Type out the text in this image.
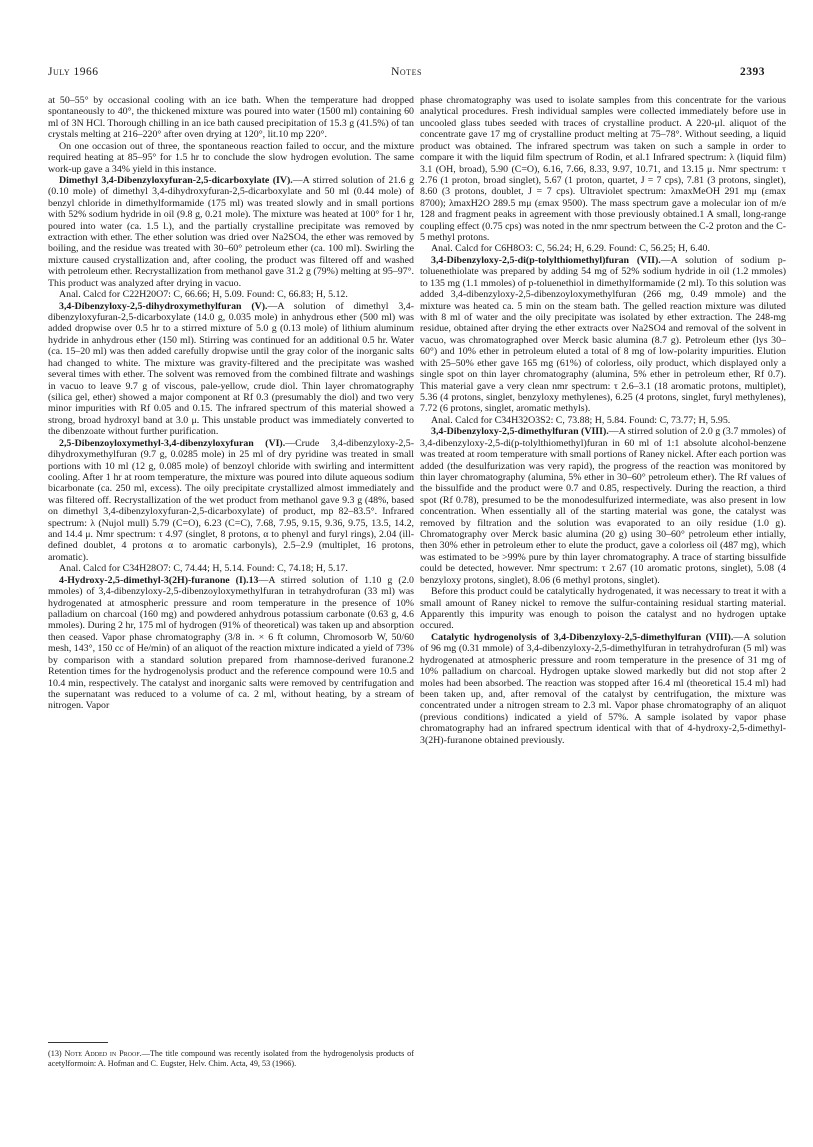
July 1966	Notes	2393

at 50–55° by occasional cooling with an ice bath. When the temperature had dropped spontaneously to 40°, the thickened mixture was poured into water (1500 ml) containing 60 ml of 3N HCl. Thorough chilling in an ice bath caused precipitation of 15.3 g (41.5%) of tan crystals melting at 216–220° after oven drying at 120°, lit.10 mp 220°.

On one occasion out of three, the spontaneous reaction failed to occur, and the mixture required heating at 85–95° for 1.5 hr to conclude the slow hydrogen evolution. The same work-up gave a 34% yield in this instance.

Dimethyl 3,4-Dibenzyloxyfuran-2,5-dicarboxylate (IV).—A stirred solution of 21.6 g (0.10 mole) of dimethyl 3,4-dihydroxyfuran-2,5-dicarboxylate and 50 ml (0.44 mole) of benzyl chloride in dimethylformamide (175 ml) was treated slowly and in small portions with 52% sodium hydride in oil (9.8 g, 0.21 mole). The mixture was heated at 100° for 1 hr, poured into water (ca. 1.5 l.), and the partially crystalline precipitate was removed by extraction with ether. The ether solution was dried over Na2SO4, the ether was removed by boiling, and the residue was treated with 30–60° petroleum ether (ca. 100 ml). Swirling the mixture caused crystallization and, after cooling, the product was filtered off and washed with petroleum ether. Recrystallization from methanol gave 31.2 g (79%) melting at 95–97°. This product was analyzed after drying in vacuo.

Anal. Calcd for C22H20O7: C, 66.66; H, 5.09. Found: C, 66.83; H, 5.12.

3,4-Dibenzyloxy-2,5-dihydroxymethylfuran (V).—A solution of dimethyl 3,4-dibenzyloxyfuran-2,5-dicarboxylate (14.0 g, 0.035 mole) in anhydrous ether (500 ml) was added dropwise over 0.5 hr to a stirred mixture of 5.0 g (0.13 mole) of lithium aluminum hydride in anhydrous ether (150 ml). Stirring was continued for an additional 0.5 hr. Water (ca. 15–20 ml) was then added carefully dropwise until the gray color of the inorganic salts had changed to white. The mixture was gravity-filtered and the precipitate was washed several times with ether. The solvent was removed from the combined filtrate and washings in vacuo to leave 9.7 g of viscous, pale-yellow, crude diol. Thin layer chromatography (silica gel, ether) showed a major component at Rf 0.3 (presumably the diol) and two very minor impurities with Rf 0.05 and 0.15. The infrared spectrum of this material showed a strong, broad hydroxyl band at 3.0 μ. This unstable product was immediately converted to the dibenzoate without further purification.

2,5-Dibenzoyloxymethyl-3,4-dibenzyloxyfuran (VI).—Crude 3,4-dibenzyloxy-2,5-dihydroxymethylfuran (9.7 g, 0.0285 mole) in 25 ml of dry pyridine was treated in small portions with 10 ml (12 g, 0.085 mole) of benzoyl chloride with swirling and intermittent cooling. After 1 hr at room temperature, the mixture was poured into dilute aqueous sodium bicarbonate (ca. 250 ml, excess). The oily precipitate crystallized almost immediately and was filtered off. Recrystallization of the wet product from methanol gave 9.3 g (48%, based on dimethyl 3,4-dibenzyloxyfuran-2,5-dicarboxylate) of product, mp 82–83.5°. Infrared spectrum: λ (Nujol mull) 5.79 (C=O), 6.23 (C=C), 7.68, 7.95, 9.15, 9.36, 9.75, 13.5, 14.2, and 14.4 μ. Nmr spectrum: τ 4.97 (singlet, 8 protons, α to phenyl and furyl rings), 2.04 (ill-defined doublet, 4 protons α to aromatic carbonyls), 2.5–2.9 (multiplet, 16 protons, aromatic).

Anal. Calcd for C34H28O7: C, 74.44; H, 5.14. Found: C, 74.18; H, 5.17.

4-Hydroxy-2,5-dimethyl-3(2H)-furanone (I).13—A stirred solution of 1.10 g (2.0 mmoles) of 3,4-dibenzyloxy-2,5-dibenzoyloxymethylfuran in tetrahydrofuran (33 ml) was hydrogenated at atmospheric pressure and room temperature in the presence of 10% palladium on charcoal (160 mg) and powdered anhydrous potassium carbonate (0.63 g, 4.6 mmoles). During 2 hr, 175 ml of hydrogen (91% of theoretical) was taken up and absorption then ceased. Vapor phase chromatography (3/8 in. × 6 ft column, Chromosorb W, 50/60 mesh, 143°, 150 cc of He/min) of an aliquot of the reaction mixture indicated a yield of 73% by comparison with a standard solution prepared from rhamnose-derived furanone.2 Retention times for the hydrogenolysis product and the reference compound were 10.5 and 10.4 min, respectively. The catalyst and inorganic salts were removed by centrifugation and the supernatant was reduced to a volume of ca. 2 ml, without heating, by a stream of nitrogen. Vapor

phase chromatography was used to isolate samples from this concentrate for the various analytical procedures. Fresh individual samples were collected immediately before use in uncooled glass tubes seeded with traces of crystalline product. A 220-μl. aliquot of the concentrate gave 17 mg of crystalline product melting at 75–78°. Without seeding, a liquid product was obtained. The infrared spectrum was taken on such a sample in order to compare it with the liquid film spectrum of Rodin, et al.1 Infrared spectrum: λ (liquid film) 3.1 (OH, broad), 5.90 (C=O), 6.16, 7.66, 8.33, 9.97, 10.71, and 13.15 μ. Nmr spectrum: τ 2.76 (1 proton, broad singlet), 5.67 (1 proton, quartet, J = 7 cps), 7.81 (3 protons, singlet), 8.60 (3 protons, doublet, J = 7 cps). Ultraviolet spectrum: λmaxMeOH 291 mμ (εmax 8700); λmaxH2O 289.5 mμ (εmax 9500). The mass spectrum gave a molecular ion of m/e 128 and fragment peaks in agreement with those previously obtained.1 A small, long-range coupling effect (0.75 cps) was noted in the nmr spectrum between the C-2 proton and the C-5 methyl protons.

Anal. Calcd for C6H8O3: C, 56.24; H, 6.29. Found: C, 56.25; H, 6.40.

3,4-Dibenzyloxy-2,5-di(p-tolylthiomethyl)furan (VII).—A solution of sodium p-toluenethiolate was prepared by adding 54 mg of 52% sodium hydride in oil (1.2 mmoles) to 135 mg (1.1 mmoles) of p-toluenethiol in dimethylformamide (2 ml). To this solution was added 3,4-dibenzyloxy-2,5-dibenzoyloxymethylfuran (266 mg, 0.49 mmole) and the mixture was heated ca. 5 min on the steam bath. The gelled reaction mixture was diluted with 8 ml of water and the oily precipitate was isolated by ether extraction. The 248-mg residue, obtained after drying the ether extracts over Na2SO4 and removal of the solvent in vacuo, was chromatographed over Merck basic alumina (8.7 g). Petroleum ether (lys 30–60°) and 10% ether in petroleum eluted a total of 8 mg of low-polarity impurities. Elution with 25–50% ether gave 165 mg (61%) of colorless, oily product, which displayed only a single spot on thin layer chromatography (alumina, 5% ether in petroleum ether, Rf 0.7). This material gave a very clean nmr spectrum: τ 2.6–3.1 (18 aromatic protons, multiplet), 5.36 (4 protons, singlet, benzyloxy methylenes), 6.25 (4 protons, singlet, furyl methylenes), 7.72 (6 protons, singlet, aromatic methyls).

Anal. Calcd for C34H32O3S2: C, 73.88; H, 5.84. Found: C, 73.77; H, 5.95.

3,4-Dibenzyloxy-2,5-dimethylfuran (VIII).—A stirred solution of 2.0 g (3.7 mmoles) of 3,4-dibenzyloxy-2,5-di(p-tolylthiomethyl)furan in 60 ml of 1:1 absolute alcohol-benzene was treated at room temperature with small portions of Raney nickel. After each portion was added (the desulfurization was very rapid), the progress of the reaction was monitored by thin layer chromatography (alumina, 5% ether in 30–60° petroleum ether). The Rf values of the bissulfide and the product were 0.7 and 0.85, respectively. During the reaction, a third spot (Rf 0.78), presumed to be the monodesulfurized intermediate, was also present in low concentration. When essentially all of the starting material was gone, the catalyst was removed by filtration and the solution was evaporated to an oily residue (1.0 g). Chromatography over Merck basic alumina (20 g) using 30–60° petroleum ether intially, then 30% ether in petroleum ether to elute the product, gave a colorless oil (487 mg), which was estimated to be >99% pure by thin layer chromatography. A trace of starting bissulfide could be detected, however. Nmr spectrum: τ 2.67 (10 aromatic protons, singlet), 5.08 (4 benzyloxy protons, singlet), 8.06 (6 methyl protons, singlet).

Before this product could be catalytically hydrogenated, it was necessary to treat it with a small amount of Raney nickel to remove the sulfur-containing residual starting material. Apparently this impurity was enough to poison the catalyst and no hydrogen uptake occured.

Catalytic hydrogenolysis of 3,4-Dibenzyloxy-2,5-dimethylfuran (VIII).—A solution of 96 mg (0.31 mmole) of 3,4-dibenzyloxy-2,5-dimethylfuran in tetrahydrofuran (5 ml) was hydrogenated at atmospheric pressure and room temperature in the presence of 31 mg of 10% palladium on charcoal. Hydrogen uptake slowed markedly but did not stop after 2 moles had been absorbed. The reaction was stopped after 16.4 ml (theoretical 15.4 ml) had been taken up, and, after removal of the catalyst by centrifugation, the mixture was concentrated under a nitrogen stream to 2.3 ml. Vapor phase chromatography of an aliquot (previous conditions) indicated a yield of 57%. A sample isolated by vapor phase chromatography had an infrared spectrum identical with that of 4-hydroxy-2,5-dimethyl-3(2H)-furanone obtained previously.

(13) Note Added in Proof.—The title compound was recently isolated from the hydrogenolysis products of acetylformoin: A. Hofman and C. Eugster, Helv. Chim. Acta, 49, 53 (1966).
